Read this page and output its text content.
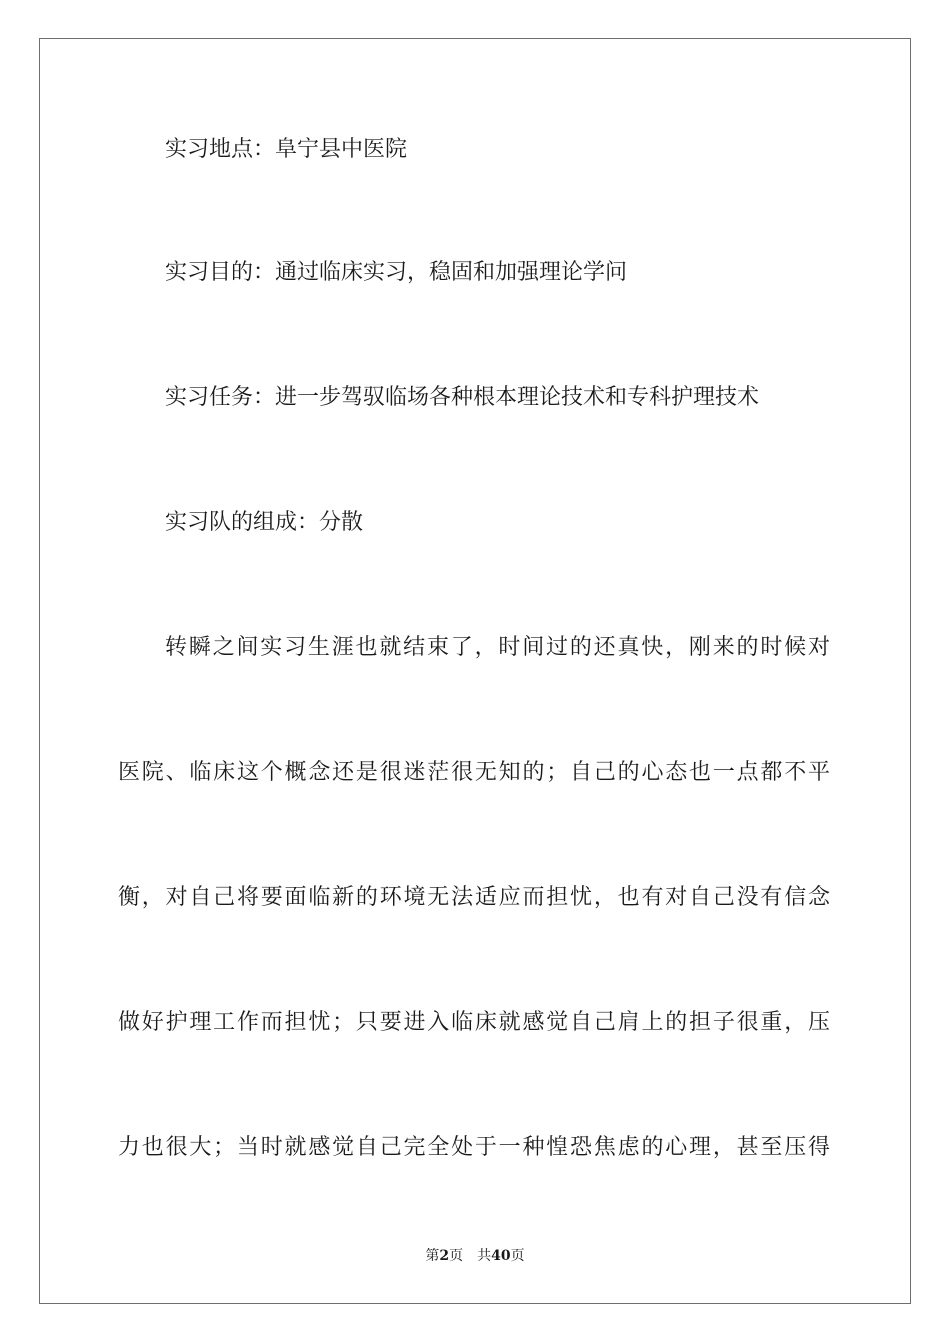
实习地点：阜宁县中医院
实习目的：通过临床实习，稳固和加强理论学问
实习任务：进一步驾驭临场各种根本理论技术和专科护理技术
实习队的组成：分散
转瞬之间实习生涯也就结束了，时间过的还真快，刚来的时候对
医院、临床这个概念还是很迷茫很无知的；自己的心态也一点都不平
衡，对自己将要面临新的环境无法适应而担忧，也有对自己没有信念
做好护理工作而担忧；只要进入临床就感觉自己肩上的担子很重，压
力也很大；当时就感觉自己完全处于一种惶恐焦虑的心理，甚至压得
第2页 共40页
